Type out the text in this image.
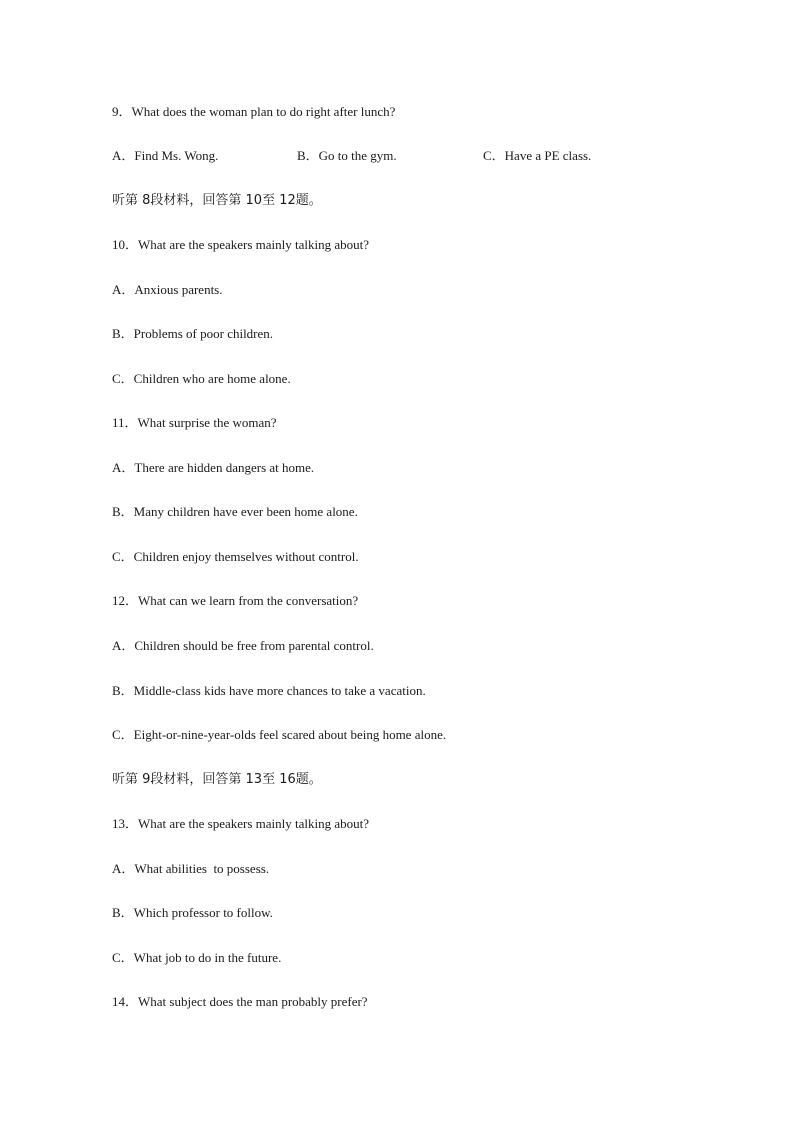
9．What does the woman plan to do right after lunch?
A．Find Ms. Wong.	B．Go to the gym.	C．Have a PE class.
听第 8段材料，回答第 10至 12题。
10．What are the speakers mainly talking about?
A．Anxious parents.
B．Problems of poor children.
C．Children who are home alone.
11．What surprise the woman?
A．There are hidden dangers at home.
B．Many children have ever been home alone.
C．Children enjoy themselves without control.
12．What can we learn from the conversation?
A．Children should be free from parental control.
B．Middle-class kids have more chances to take a vacation.
C．Eight-or-nine-year-olds feel scared about being home alone.
听第 9段材料，回答第 13至 16题。
13．What are the speakers mainly talking about?
A．What abilities  to possess.
B．Which professor to follow.
C．What job to do in the future.
14．What subject does the man probably prefer?
